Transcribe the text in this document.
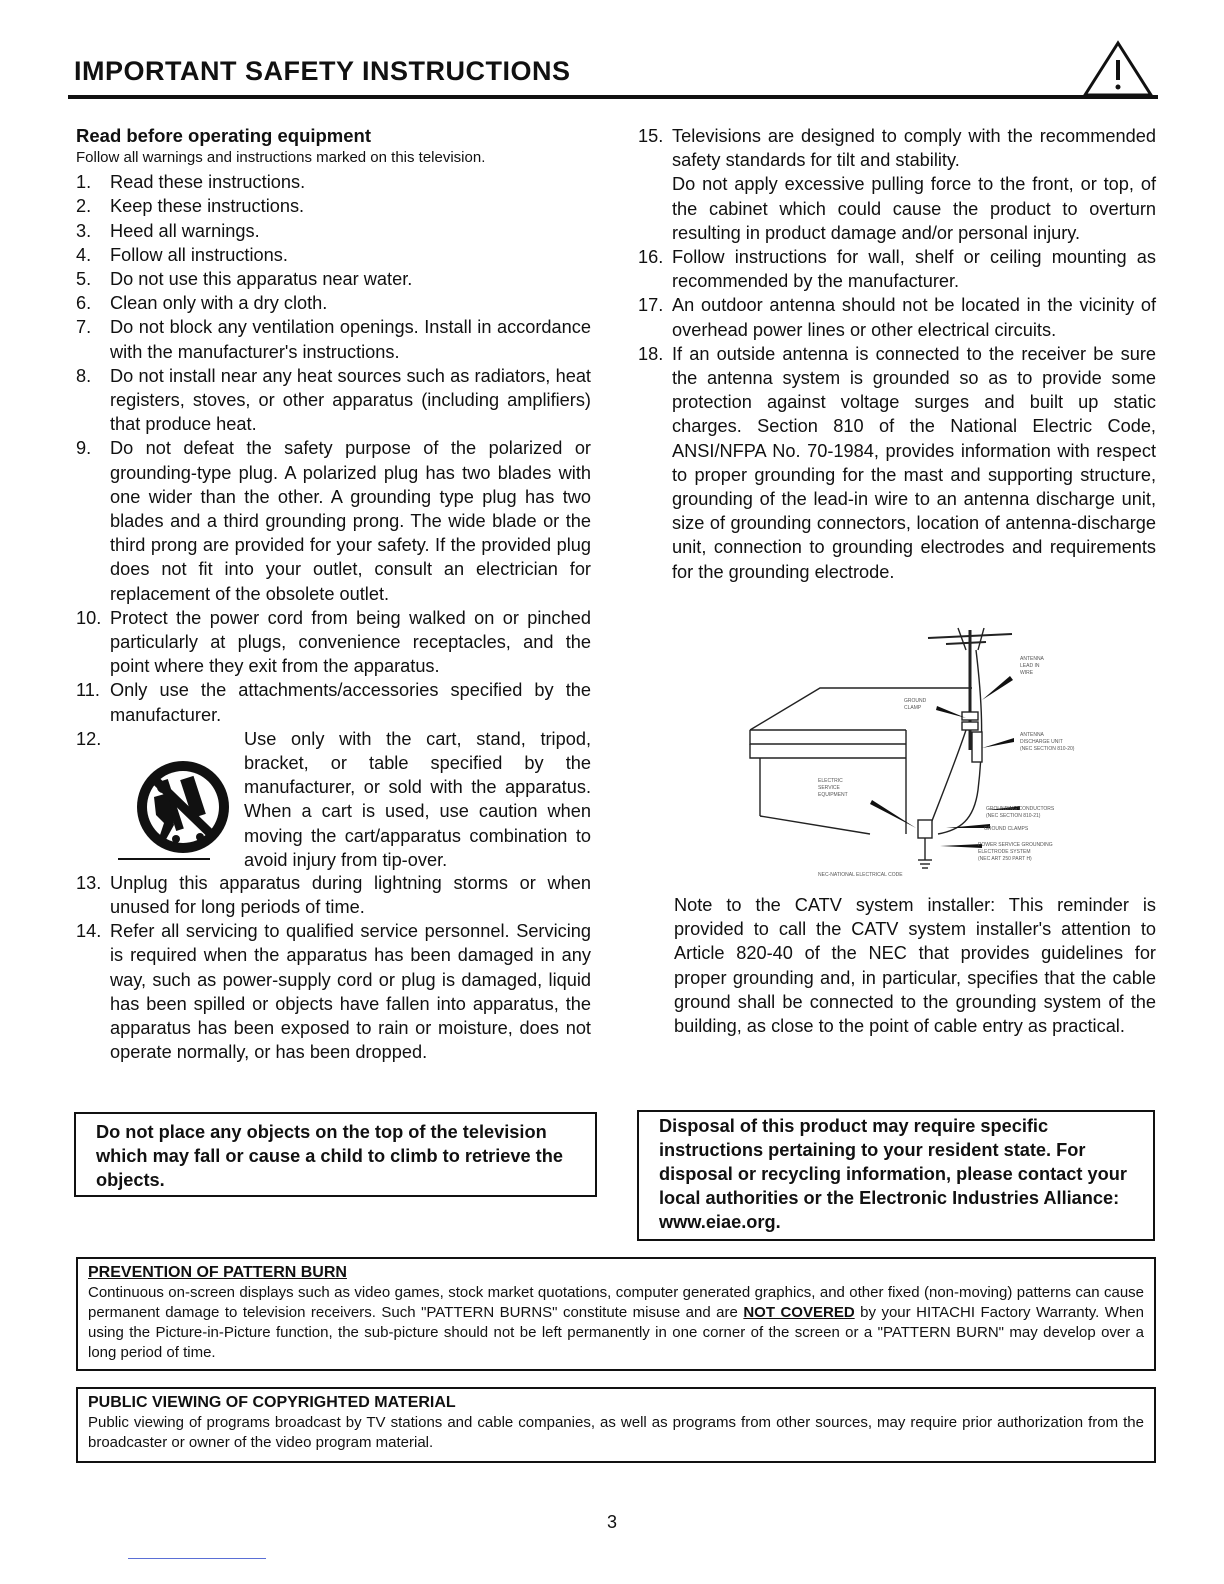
IMPORTANT SAFETY INSTRUCTIONS
Read before operating equipment
Follow all warnings and instructions marked on this television.
1. Read these instructions.
2. Keep these instructions.
3. Heed all warnings.
4. Follow all instructions.
5. Do not use this apparatus near water.
6. Clean only with a dry cloth.
7. Do not block any ventilation openings. Install in accordance with the manufacturer's instructions.
8. Do not install near any heat sources such as radiators, heat registers, stoves, or other apparatus (including amplifiers) that produce heat.
9. Do not defeat the safety purpose of the polarized or grounding-type plug. A polarized plug has two blades with one wider than the other. A grounding type plug has two blades and a third grounding prong. The wide blade or the third prong are provided for your safety. If the provided plug does not fit into your outlet, consult an electrician for replacement of the obsolete outlet.
10. Protect the power cord from being walked on or pinched particularly at plugs, convenience receptacles, and the point where they exit from the apparatus.
11. Only use the attachments/accessories specified by the manufacturer.
12.	Use only with the cart, stand, tripod, bracket, or table specified by the manufacturer, or sold with the apparatus. When a cart is used, use caution when moving the cart/apparatus combination to avoid injury from tip-over.
13. Unplug this apparatus during lightning storms or when unused for long periods of time.
14. Refer all servicing to qualified service personnel. Servicing is required when the apparatus has been damaged in any way, such as power-supply cord or plug is damaged, liquid has been spilled or objects have fallen into apparatus, the apparatus has been exposed to rain or moisture, does not operate normally, or has been dropped.
15. Televisions are designed to comply with the recommended safety standards for tilt and stability.
Do not apply excessive pulling force to the front, or top, of the cabinet which could cause the product to overturn resulting in product damage and/or personal injury.
16. Follow instructions for wall, shelf or ceiling mounting as recommended by the manufacturer.
17. An outdoor antenna should not be located in the vicinity of overhead power lines or other electrical circuits.
18. If an outside antenna is connected to the receiver be sure the antenna system is grounded so as to provide some protection against voltage surges and built up static charges. Section 810 of the National Electric Code, ANSI/NFPA No. 70-1984, provides information with respect to proper grounding for the mast and supporting structure, grounding of the lead-in wire to an antenna discharge unit, size of grounding connectors, location of antenna-discharge unit, connection to grounding electrodes and requirements for the grounding electrode.
ANTENNA
LEAD IN
WIRE
GROUND
CLAMP
ANTENNA
DISCHARGE UNIT
(NEC SECTION 810-20)
ELECTRIC
SERVICE
EQUIPMENT
GROUNDING CONDUCTORS
(NEC SECTION 810-21)
GROUND CLAMPS
POWER SERVICE GROUNDING
ELECTRODE SYSTEM
(NEC ART 250 PART H)
NEC-NATIONAL ELECTRICAL CODE
Note to the CATV system installer: This reminder is provided to call the CATV system installer's attention to Article 820-40 of the NEC that provides guidelines for proper grounding and, in particular, specifies that the cable ground shall be connected to the grounding system of the building, as close to the point of cable entry as practical.
Do not place any objects on the top of the television which may fall or cause a child to climb to retrieve the objects.
Disposal of this product may require specific instructions pertaining to your resident state. For disposal or recycling information, please contact your local authorities or the Electronic Industries Alliance: www.eiae.org.
PREVENTION OF PATTERN BURN
Continuous on-screen displays such as video games, stock market quotations, computer generated graphics, and other fixed (non-moving) patterns can cause permanent damage to television receivers. Such "PATTERN BURNS" constitute misuse and are NOT COVERED by your HITACHI Factory Warranty. When using the Picture-in-Picture function, the sub-picture should not be left permanently in one corner of the screen or a "PATTERN BURN" may develop over a long period of time.
PUBLIC VIEWING OF COPYRIGHTED MATERIAL
Public viewing of programs broadcast by TV stations and cable companies, as well as programs from other sources, may require prior authorization from the broadcaster or owner of the video program material.
3
